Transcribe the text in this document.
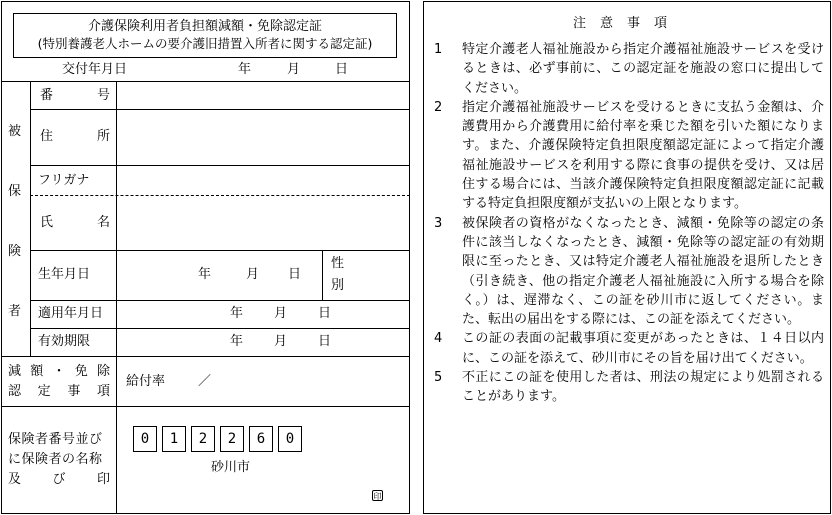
介護保険利用者負担額減額・免除認定証
(特別養護老人ホームの要介護旧措置入所者に関する認定証)
交付年月日	年	月	日
被
保
険
者
番	号
住	所
フリガナ
氏	名
生年月日	年	月 日
性
別
適用年月日	年 月 日
有効期限	年 月 日
減 額 ・ 免 除
認 定 事 項
給付率	／
保険者番号並び
に保険者の名称
及 び 印
0	1	2	2	6	0
砂川市
印
注意事項
1 特定介護老人福祉施設から指定介護福祉施設サービスを受けるときは、必ず事前に、この認定証を施設の窓口に提出してください。
2 指定介護福祉施設サービスを受けるときに支払う金額は、介護費用から介護費用に給付率を乗じた額を引いた額になります。また、介護保険特定負担限度額認定証によって指定介護福祉施設サービスを利用する際に食事の提供を受け、又は居住する場合には、当該介護保険特定負担限度額認定証に記載する特定負担限度額が支払いの上限となります。
3 被保険者の資格がなくなったとき、減額・免除等の認定の条件に該当しなくなったとき、減額・免除等の認定証の有効期限に至ったとき、又は特定介護老人福祉施設を退所したとき（引き続き、他の指定介護老人福祉施設に入所する場合を除く。）は、遅滞なく、この証を砂川市に返してください。また、転出の届出をする際には、この証を添えてください。
4 この証の表面の記載事項に変更があったときは、１４日以内に、この証を添えて、砂川市にその旨を届け出てください。
5 不正にこの証を使用した者は、刑法の規定により処罰されることがあります。
